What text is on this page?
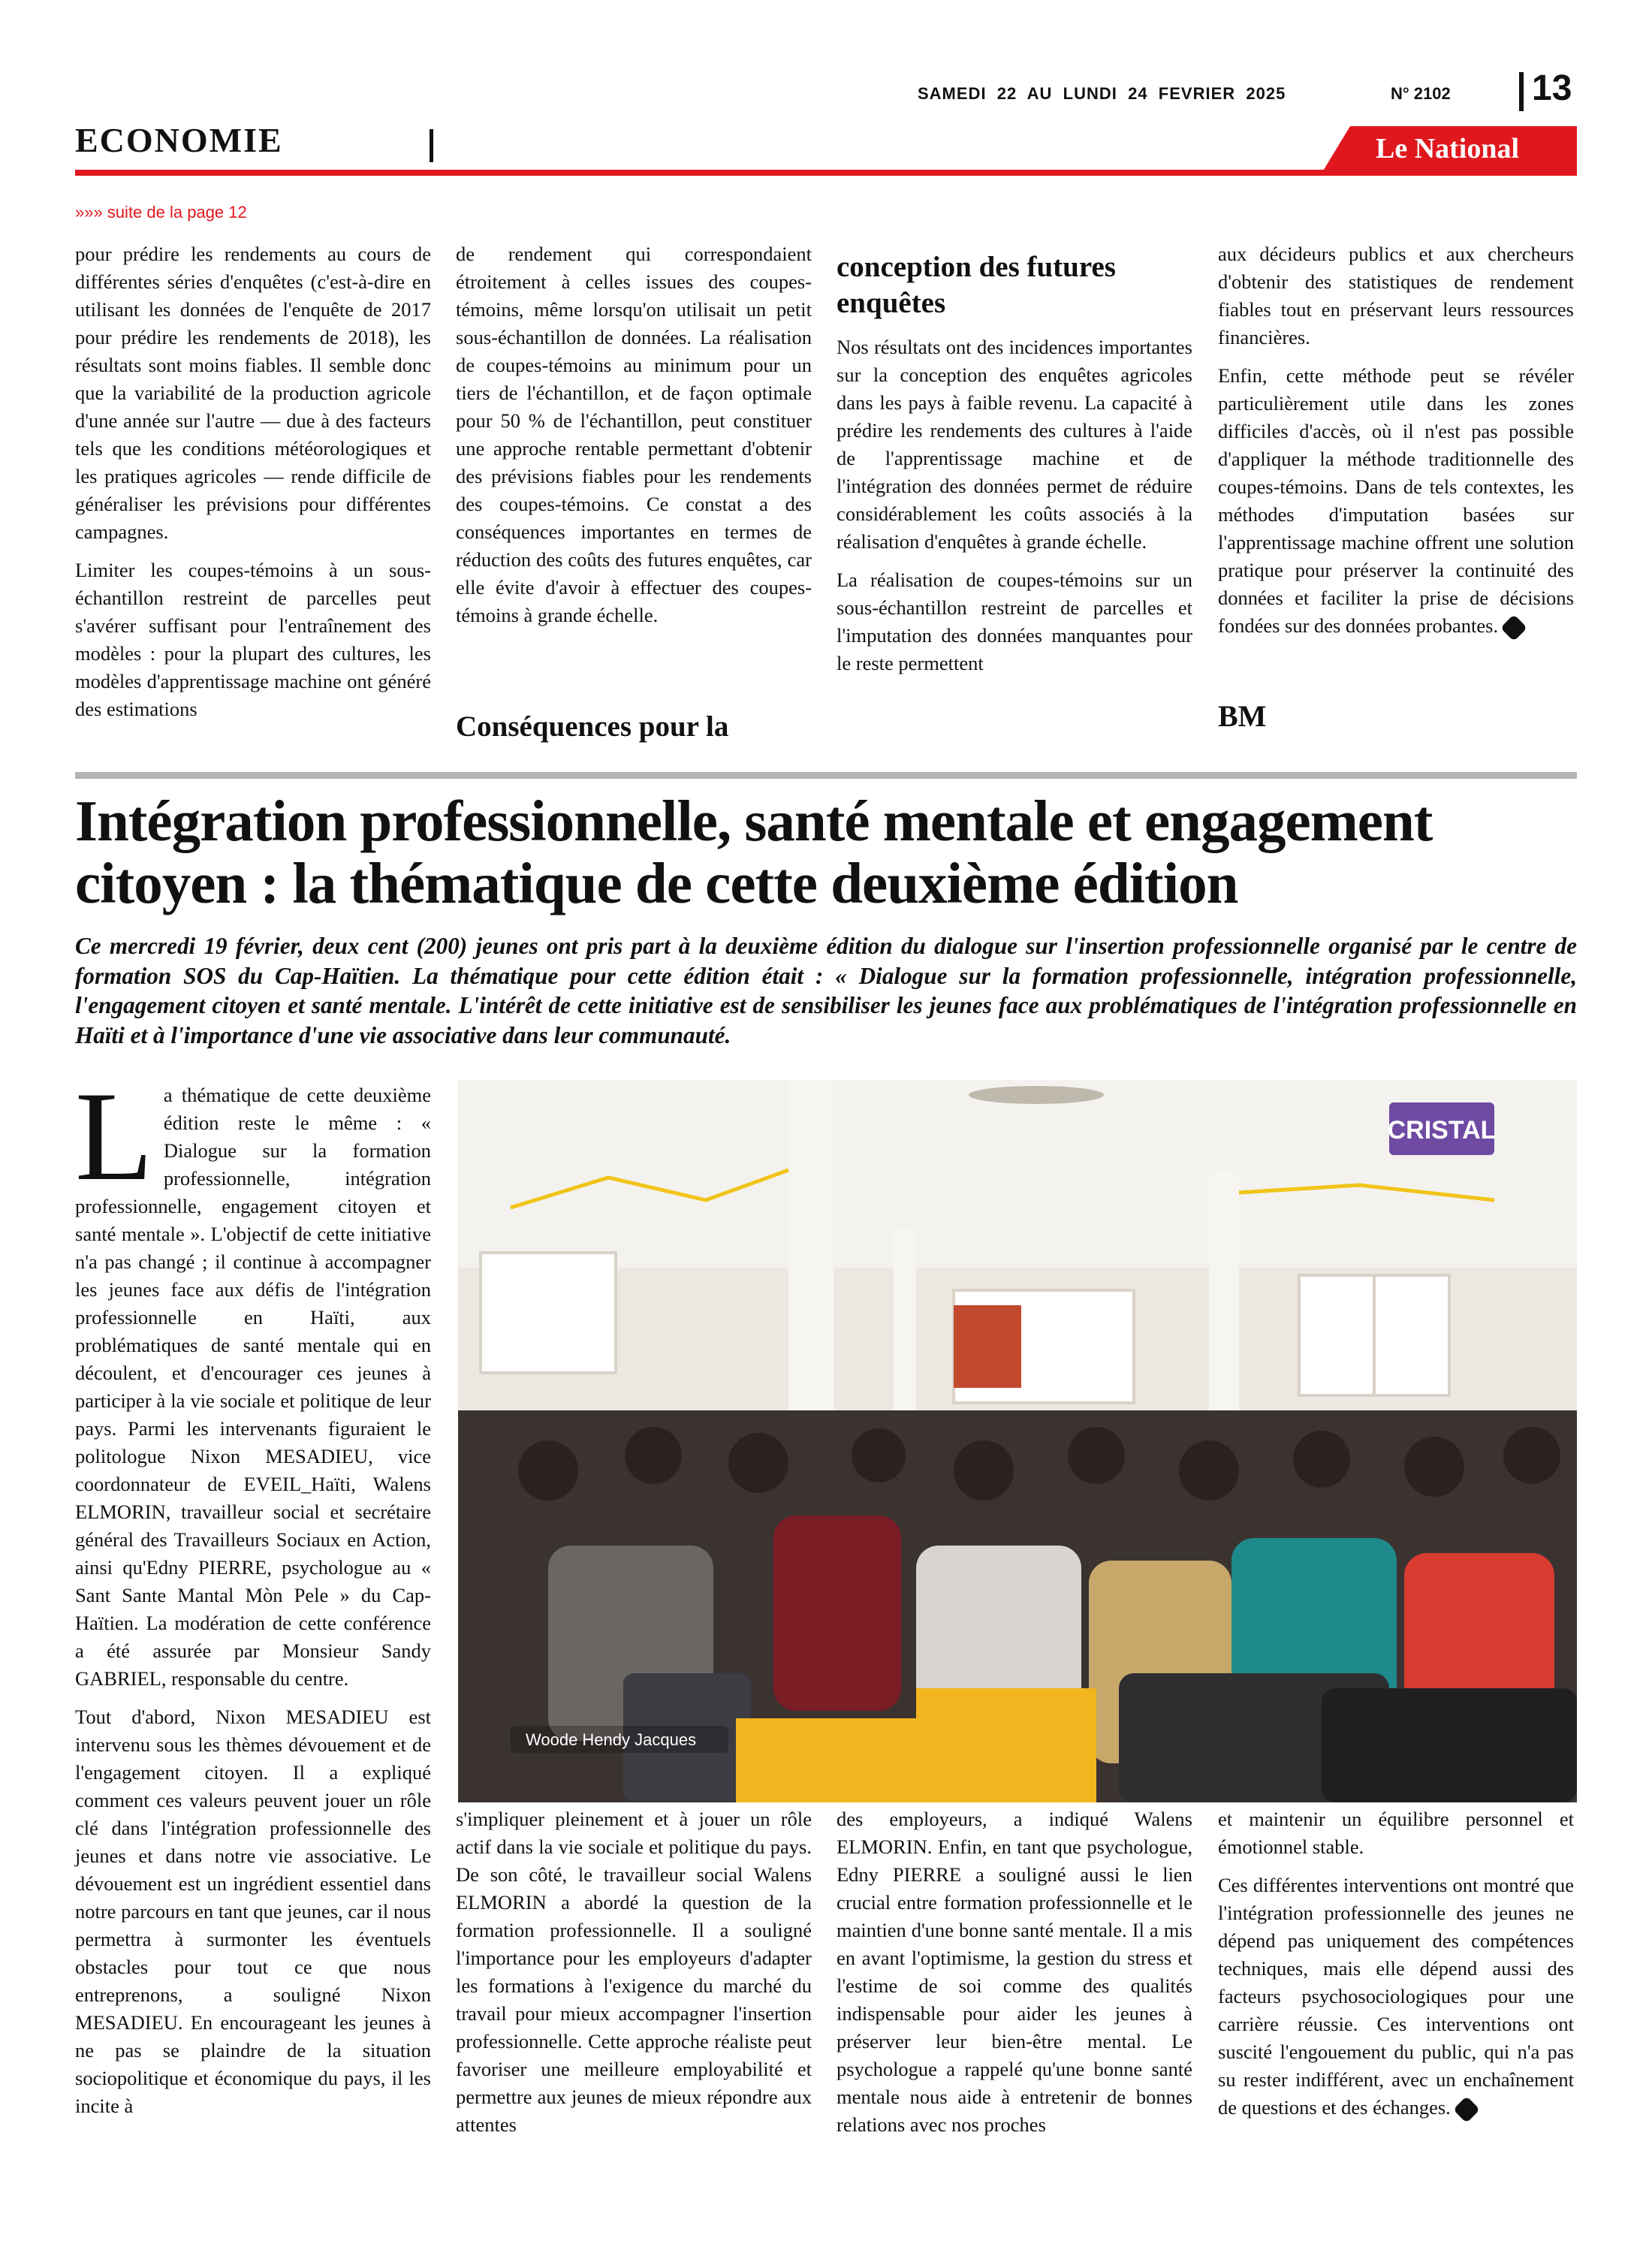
SAMEDI  22  AU  LUNDI  24  FEVRIER  2025	N° 2102 13
ECONOMIE	Le National
»»» suite de la page 12

pour prédire les rendements au cours de différentes séries d'enquêtes (c'est-à-dire en utilisant les données de l'enquête de 2017 pour prédire les rendements de 2018), les résultats sont moins fiables. Il semble donc que la variabilité de la production agricole d'une année sur l'autre — due à des facteurs tels que les conditions météorologiques et les pratiques agricoles — rende difficile de généraliser les prévisions pour différentes campagnes.

Limiter les coupes-témoins à un sous-échantillon restreint de parcelles peut s'avérer suffisant pour l'entraînement des modèles : pour la plupart des cultures, les modèles d'apprentissage machine ont généré des estimations

de rendement qui correspondaient étroitement à celles issues des coupes-témoins, même lorsqu'on utilisait un petit sous-échantillon de données. La réalisation de coupes-témoins au minimum pour un tiers de l'échantillon, et de façon optimale pour 50 % de l'échantillon, peut constituer une approche rentable permettant d'obtenir des prévisions fiables pour les rendements des coupes-témoins. Ce constat a des conséquences importantes en termes de réduction des coûts des futures enquêtes, car elle évite d'avoir à effectuer des coupes-témoins à grande échelle.

Conséquences pour la
conception des futures enquêtes

Nos résultats ont des incidences importantes sur la conception des enquêtes agricoles dans les pays à faible revenu. La capacité à prédire les rendements des cultures à l'aide de l'apprentissage machine et de l'intégration des données permet de réduire considérablement les coûts associés à la réalisation d'enquêtes à grande échelle.

La réalisation de coupes-témoins sur un sous-échantillon restreint de parcelles et l'imputation des données manquantes pour le reste permettent

aux décideurs publics et aux chercheurs d'obtenir des statistiques de rendement fiables tout en préservant leurs ressources financières.

Enfin, cette méthode peut se révéler particulièrement utile dans les zones difficiles d'accès, où il n'est pas possible d'appliquer la méthode traditionnelle des coupes-témoins. Dans de tels contextes, les méthodes d'imputation basées sur l'apprentissage machine offrent une solution pratique pour préserver la continuité des données et faciliter la prise de décisions fondées sur des données probantes.

BM
Intégration professionnelle, santé mentale et engagement citoyen : la thématique de cette deuxième édition

Ce mercredi 19 février, deux cent (200) jeunes ont pris part à la deuxième édition du dialogue sur l'insertion professionnelle organisé par le centre de formation SOS du Cap-Haïtien. La thématique pour cette édition était : « Dialogue sur la formation professionnelle, intégration professionnelle, l'engagement citoyen et santé mentale. L'intérêt de cette initiative est de sensibiliser les jeunes face aux problématiques de l'intégration professionnelle en Haïti et à l'importance d'une vie associative dans leur communauté.

La thématique de cette deuxième édition reste le même : « Dialogue sur la formation professionnelle, intégration professionnelle, engagement citoyen et santé mentale ». L'objectif de cette initiative n'a pas changé ; il continue à accompagner les jeunes face aux défis de l'intégration professionnelle en Haïti, aux problématiques de santé mentale qui en découlent, et d'encourager ces jeunes à participer à la vie sociale et politique de leur pays. Parmi les intervenants figuraient le politologue Nixon MESADIEU, vice coordonnateur de EVEIL_Haïti, Walens ELMORIN, travailleur social et secrétaire général des Travailleurs Sociaux en Action, ainsi qu'Edny PIERRE, psychologue au « Sant Sante Mantal Mòn Pele » du Cap-Haïtien. La modération de cette conférence a été assurée par Monsieur Sandy GABRIEL, responsable du centre.

Tout d'abord, Nixon MESADIEU est intervenu sous les thèmes dévouement et de l'engagement citoyen. Il a expliqué comment ces valeurs peuvent jouer un rôle clé dans l'intégration professionnelle des jeunes et dans notre vie associative. Le dévouement est un ingrédient essentiel dans notre parcours en tant que jeunes, car il nous permettra à surmonter les éventuels obstacles pour tout ce que nous entreprenons, a souligné Nixon MESADIEU. En encourageant les jeunes à ne pas se plaindre de la situation sociopolitique et économique du pays, il les incite à

CRISTAL
Woode Hendy Jacques

s'impliquer pleinement et à jouer un rôle actif dans la vie sociale et politique du pays. De son côté, le travailleur social Walens ELMORIN a abordé la question de la formation professionnelle. Il a souligné l'importance pour les employeurs d'adapter les formations à l'exigence du marché du travail pour mieux accompagner l'insertion professionnelle. Cette approche réaliste peut favoriser une meilleure employabilité et permettre aux jeunes de mieux répondre aux attentes

des employeurs, a indiqué Walens ELMORIN. Enfin, en tant que psychologue, Edny PIERRE a souligné aussi le lien crucial entre formation professionnelle et le maintien d'une bonne santé mentale. Il a mis en avant l'optimisme, la gestion du stress et l'estime de soi comme des qualités indispensable pour aider les jeunes à préserver leur bien-être mental. Le psychologue a rappelé qu'une bonne santé mentale nous aide à entretenir de bonnes relations avec nos proches

et maintenir un équilibre personnel et émotionnel stable.

Ces différentes interventions ont montré que l'intégration professionnelle des jeunes ne dépend pas uniquement des compétences techniques, mais elle dépend aussi des facteurs psychosociologiques pour une carrière réussie. Ces interventions ont suscité l'engouement du public, qui n'a pas su rester indifférent, avec un enchaînement de questions et des échanges.
